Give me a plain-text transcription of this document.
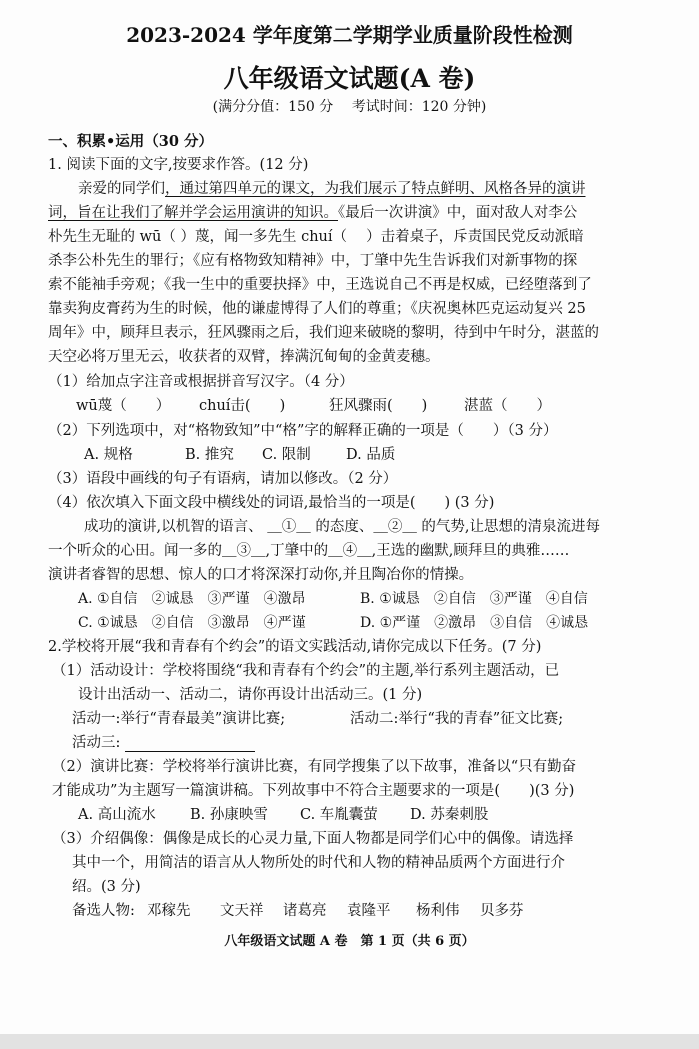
2023-2024 学年度第二学期学业质量阶段性检测
八年级语文试题(A 卷)
(满分分值：150 分　 考试时间：120 分钟)
一、积累•运用（30 分）
1. 阅读下面的文字,按要求作答。(12 分)
亲爱的同学们，通过第四单元的课文，为我们展示了特点鲜明、风格各异的演讲
词，旨在让我们了解并学会运用演讲的知识。《最后一次讲演》中，面对敌人对李公
朴先生无耻的 wū（ ）蔑，闻一多先生 chuí（　 ）击着桌子，斥责国民党反动派暗
杀李公朴先生的罪行；《应有格物致知精神》中，丁肇中先生告诉我们对新事物的探
索不能袖手旁观；《我一生中的重要抉择》中，王选说自己不再是权威，已经堕落到了
靠卖狗皮膏药为生的时候，他的谦虚博得了人们的尊重；《庆祝奥林匹克运动复兴 25
周年》中，顾拜旦表示，狂风骤雨之后，我们迎来破晓的黎明，待到中午时分，湛蓝的
天空必将万里无云，收获者的双臂，捧满沉甸甸的金黄麦穗。
（1）给加点字注音或根据拼音写汉字。（4 分）
wū蔑（　　） chuí击(　　)	狂风骤雨(　　)	湛蓝（　　）
（2）下列选项中，对“格物致知”中“格”字的解释正确的一项是（　　）（3 分）
A. 规格	B. 推究 C. 限制 D. 品质
（3）语段中画线的句子有语病，请加以修改。（2 分）
（4）依次填入下面文段中横线处的词语,最恰当的一项是(　　) (3 分)
成功的演讲,以机智的语言、 ＿①＿ 的态度、＿②＿ 的气势,让思想的清泉流进每
一个听众的心田。闻一多的＿③＿,丁肇中的＿④＿,王选的幽默,顾拜旦的典雅……
演讲者睿智的思想、惊人的口才将深深打动你,并且陶冶你的情操。
A. ①自信　②诚恳　③严谨　④激昂	B. ①诚恳　②自信　③严谨　④自信
C. ①诚恳　②自信　③激昂　④严谨	D. ①严谨　②激昂　③自信　④诚恳
2.学校将开展“我和青春有个约会”的语文实践活动,请你完成以下任务。(7 分)
（1）活动设计：学校将围绕“我和青春有个约会”的主题,举行系列主题活动，已
设计出活动一、活动二，请你再设计出活动三。(1 分)
活动一:举行“青春最美”演讲比赛;	活动二:举行“我的青春”征文比赛;
活动三:
（2）演讲比赛：学校将举行演讲比赛，有同学搜集了以下故事，准备以“只有勤奋
才能成功”为主题写一篇演讲稿。下列故事中不符合主题要求的一项是(　　)(3 分)
A. 高山流水 B. 孙康映雪 C. 车胤囊萤 D. 苏秦刺股
（3）介绍偶像：偶像是成长的心灵力量,下面人物都是同学们心中的偶像。请选择
其中一个，用简洁的语言从人物所处的时代和人物的精神品质两个方面进行介
绍。(3 分)
备选人物: 邓稼先 文天祥 诸葛亮 袁隆平 杨利伟 贝多芬
八年级语文试题 A 卷　第 1 页（共 6 页）
